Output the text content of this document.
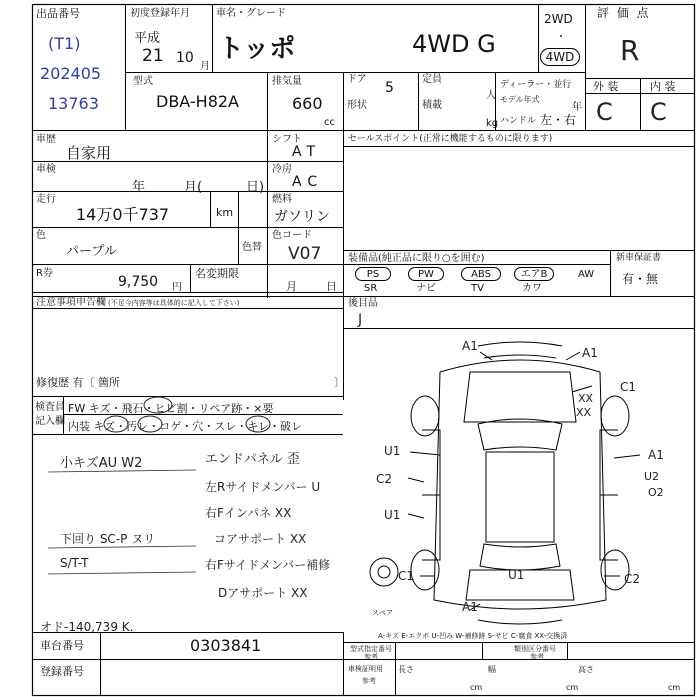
出品番号
(T1)
202405
13763
初度登録年月
平成
21 10
月
車名・グレード
トッポ	4WD G
2WD
・
4WD
評 価 点
R
外 装	内 装
C C
型式
DBA-H82A
排気量
660
cc
ドア
5
形状
定員
人
積載
kg
ディーラー・並行
モデル年式
年
ハンドル 左・右
車歴
自家用
シフト
AT
車検
年	月(	日)
冷房
AC
走行
14万0千737	km
燃料
ガソリン
色
パープル	色替
色コード
V07
R券
9,750 円
名変期限
月	日
セールスポイント(正常に機能するものに限ります)
装備品(純正品に限り○を囲む)
PS	PW	ABS	エアB	AW
SR	ナビ	TV	カワ
新車保証書
有・無
後目品
J
注意事項申告欄 (不足今内容等は具体的に記入して下さい)
修復歴 有〔 箇所	〕
検査員
記入欄
FW キズ・飛石・ヒビ割・リペア跡・×要
内装 キズ・汚レ・コゲ・穴・スレ・キレ・破レ
小キズAU W2
下回り SC-P ヌリ
S/T-T
オド-140,739 K.
エンドパネル 歪
左Rサイドメンバー U
右Fインパネ XX
コアサポート XX
右Fサイドメンバー補修
Dアサポート XX
A1	A1
C1
XX
XX
A1
U2
O2
U1
C2
U1
U1
C1	C2
A1
スペア
A-キズ E-エクボ U-凹み W-補修跡 S-サビ C-腐食 XX-交換済
車台番号	0303841
登録番号
型式指定番号
参考
類別区分番号
参考
車検証明用
参考
長さ
cm
幅
cm
高さ
cm
